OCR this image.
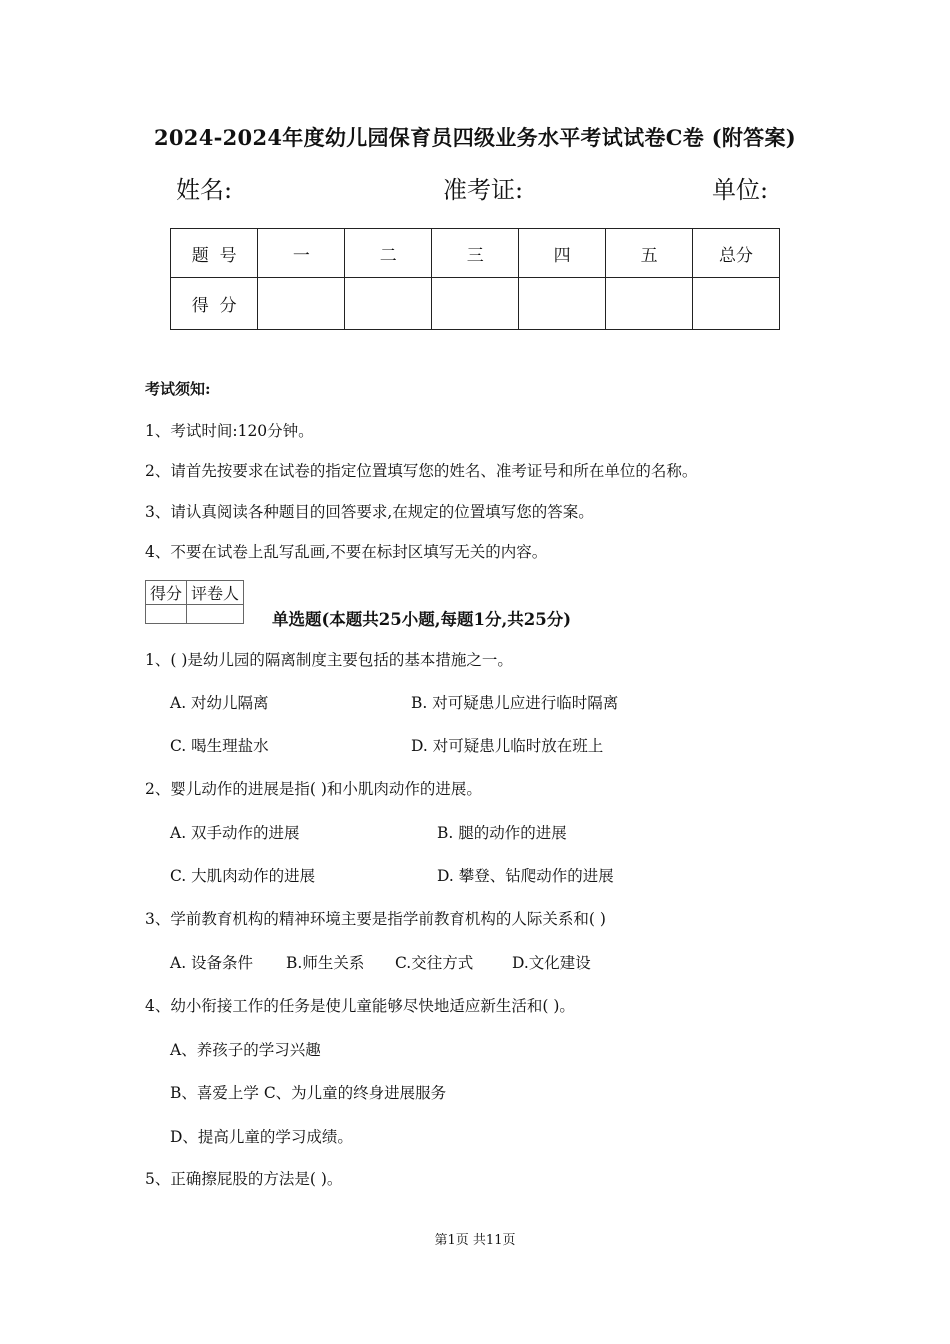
2024-2024年度幼儿园保育员四级业务水平考试试卷C卷 (附答案)
姓名:	准考证:	单位:
题  号	一	二	三	四	五	总分
得  分						
考试须知:
1、考试时间:120分钟。
2、请首先按要求在试卷的指定位置填写您的姓名、准考证号和所在单位的名称。
3、请认真阅读各种题目的回答要求,在规定的位置填写您的答案。
4、不要在试卷上乱写乱画,不要在标封区填写无关的内容。
得分	评卷人

单选题(本题共25小题,每题1分,共25分)
1、( )是幼儿园的隔离制度主要包括的基本措施之一。
A. 对幼儿隔离	B. 对可疑患儿应进行临时隔离
C. 喝生理盐水	D. 对可疑患儿临时放在班上
2、婴儿动作的进展是指( )和小肌肉动作的进展。
A. 双手动作的进展	B. 腿的动作的进展
C. 大肌肉动作的进展	D. 攀登、钻爬动作的进展
3、学前教育机构的精神环境主要是指学前教育机构的人际关系和( )
A. 设备条件 B.师生关系 C.交往方式	D.文化建设
4、幼小衔接工作的任务是使儿童能够尽快地适应新生活和( )。
A、养孩子的学习兴趣
B、喜爱上学 C、为儿童的终身进展服务
D、提高儿童的学习成绩。
5、正确擦屁股的方法是( )。
第1页 共11页
